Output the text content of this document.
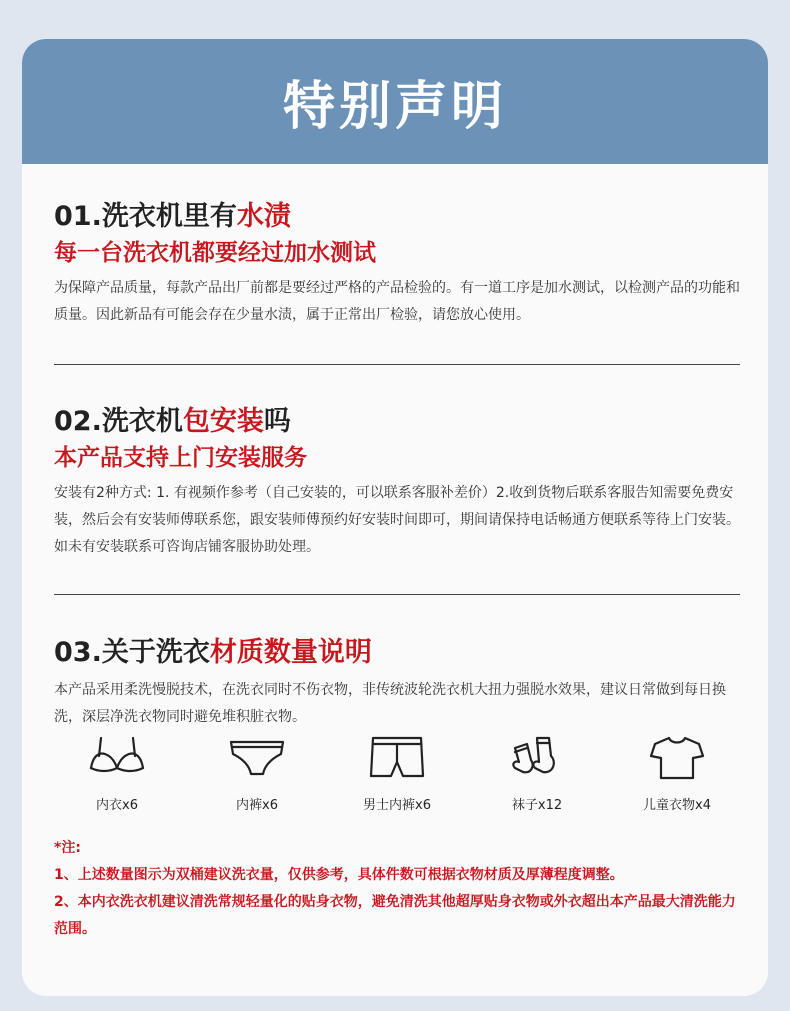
特别声明

01.洗衣机里有水渍

每一台洗衣机都要经过加水测试

为保障产品质量，每款产品出厂前都是要经过严格的产品检验的。有一道工序是加水测试，以检测产品的功能和质量。因此新品有可能会存在少量水渍，属于正常出厂检验，请您放心使用。

02.洗衣机包安装吗

本产品支持上门安装服务

安装有2种方式: 1. 有视频作参考（自己安装的，可以联系客服补差价）2.收到货物后联系客服告知需要免费安装，然后会有安装师傅联系您，跟安装师傅预约好安装时间即可，期间请保持电话畅通方便联系等待上门安装。如未有安装联系可咨询店铺客服协助处理。

03.关于洗衣材质数量说明

本产品采用柔洗慢脱技术，在洗衣同时不伤衣物，非传统波轮洗衣机大扭力强脱水效果，建议日常做到每日换洗，深层净洗衣物同时避免堆积脏衣物。

内衣x6	内裤x6	男士内裤x6	袜子x12	儿童衣物x4

*注:

1、上述数量图示为双桶建议洗衣量，仅供参考，具体件数可根据衣物材质及厚薄程度调整。

2、本内衣洗衣机建议清洗常规轻量化的贴身衣物，避免清洗其他超厚贴身衣物或外衣超出本产品最大清洗能力范围。
